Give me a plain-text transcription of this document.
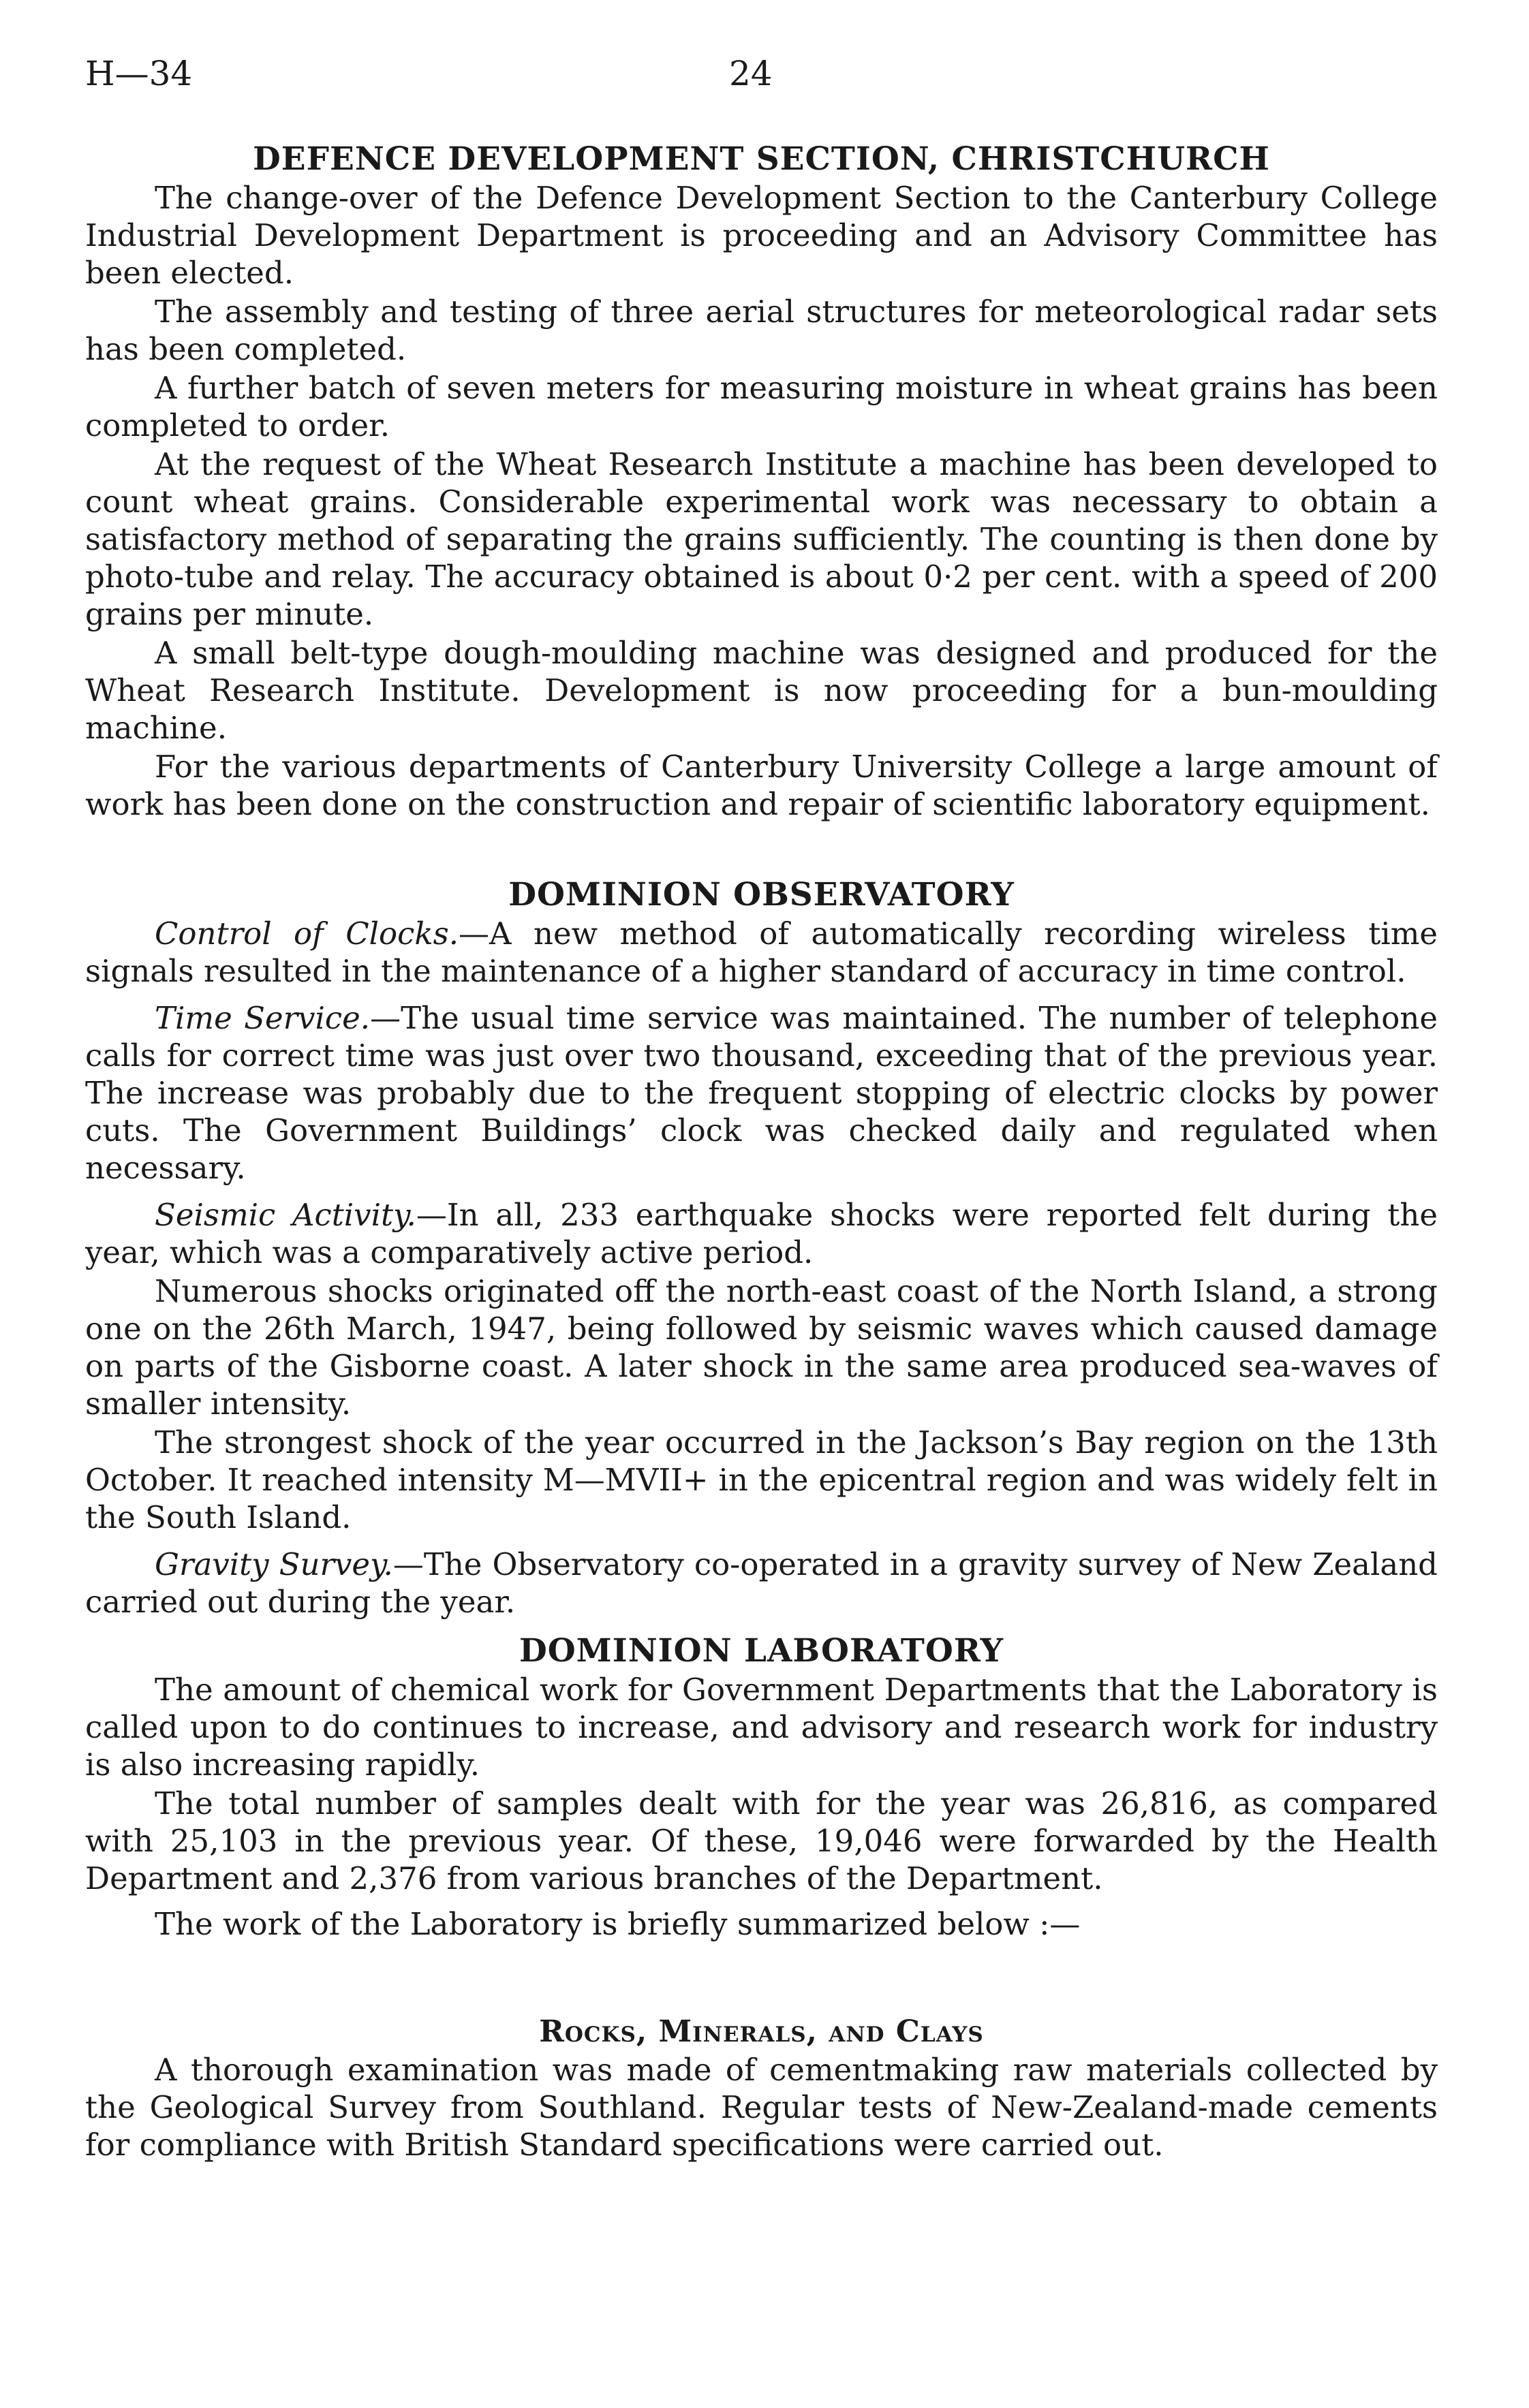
H—34	24
DEFENCE DEVELOPMENT SECTION, CHRISTCHURCH

The change-over of the Defence Development Section to the Canterbury College Industrial Development Department is proceeding and an Advisory Committee has been elected.

The assembly and testing of three aerial structures for meteorological radar sets has been completed.

A further batch of seven meters for measuring moisture in wheat grains has been completed to order.

At the request of the Wheat Research Institute a machine has been developed to count wheat grains. Considerable experimental work was necessary to obtain a satisfactory method of separating the grains sufficiently. The counting is then done by photo-tube and relay. The accuracy obtained is about 0·2 per cent. with a speed of 200 grains per minute.

A small belt-type dough-moulding machine was designed and produced for the Wheat Research Institute. Development is now proceeding for a bun-moulding machine.

For the various departments of Canterbury University College a large amount of work has been done on the construction and repair of scientific laboratory equipment.

DOMINION OBSERVATORY

Control of Clocks.—A new method of automatically recording wireless time signals resulted in the maintenance of a higher standard of accuracy in time control.

Time Service.—The usual time service was maintained. The number of telephone calls for correct time was just over two thousand, exceeding that of the previous year. The increase was probably due to the frequent stopping of electric clocks by power cuts. The Government Buildings’ clock was checked daily and regulated when necessary.

Seismic Activity.—In all, 233 earthquake shocks were reported felt during the year, which was a comparatively active period.

Numerous shocks originated off the north-east coast of the North Island, a strong one on the 26th March, 1947, being followed by seismic waves which caused damage on parts of the Gisborne coast. A later shock in the same area produced sea-waves of smaller intensity.

The strongest shock of the year occurred in the Jackson’s Bay region on the 13th October. It reached intensity M—MVII+ in the epicentral region and was widely felt in the South Island.

Gravity Survey.—The Observatory co-operated in a gravity survey of New Zealand carried out during the year.

DOMINION LABORATORY

The amount of chemical work for Government Departments that the Laboratory is called upon to do continues to increase, and advisory and research work for industry is also increasing rapidly.

The total number of samples dealt with for the year was 26,816, as compared with 25,103 in the previous year. Of these, 19,046 were forwarded by the Health Department and 2,376 from various branches of the Department.

The work of the Laboratory is briefly summarized below :—

Rocks, Minerals, and Clays

A thorough examination was made of cementmaking raw materials collected by the Geological Survey from Southland. Regular tests of New-Zealand-made cements for compliance with British Standard specifications were carried out.
